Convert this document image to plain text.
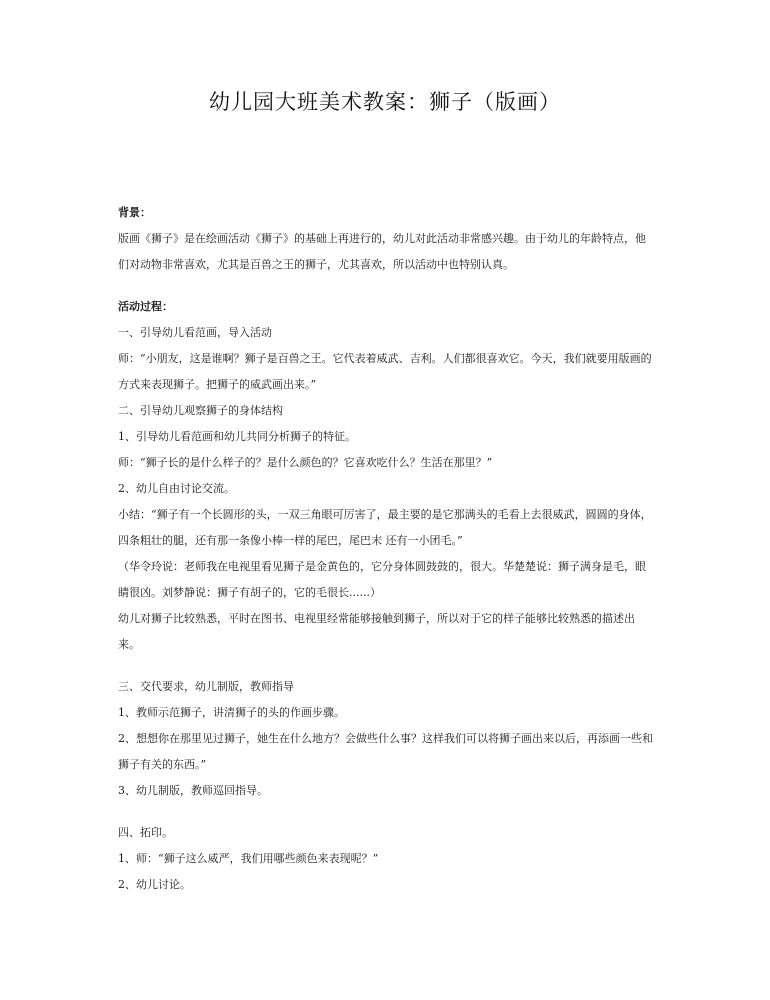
幼儿园大班美术教案：狮子（版画）

背景：

版画《狮子》是在绘画活动《狮子》的基础上再进行的，幼儿对此活动非常感兴趣。由于幼儿的年龄特点，他们对动物非常喜欢，尤其是百兽之王的狮子，尤其喜欢，所以活动中也特别认真。

活动过程：

一、引导幼儿看范画，导入活动

师：“小朋友，这是谁啊？狮子是百兽之王。它代表着威武、吉利。人们都很喜欢它。今天，我们就要用版画的方式来表现狮子。把狮子的威武画出来。”

二、引导幼儿观察狮子的身体结构

1、引导幼儿看范画和幼儿共同分析狮子的特征。

师：“狮子长的是什么样子的？是什么颜色的？它喜欢吃什么？生活在那里？”

2、幼儿自由讨论交流。

小结：“狮子有一个长圆形的头，一双三角眼可厉害了，最主要的是它那满头的毛看上去很威武，圆圆的身体，四条粗壮的腿，还有那一条像小棒一样的尾巴，尾巴末 还有一小团毛。”

（华令玲说：老师我在电视里看见狮子是金黄色的，它分身体圆鼓鼓的，很大。华楚楚说：狮子满身是毛，眼睛很凶。刘梦静说：狮子有胡子的，它的毛很长......）

幼儿对狮子比较熟悉，平时在图书、电视里经常能够接触到狮子，所以对于它的样子能够比较熟悉的描述出来。

三、交代要求，幼儿制版，教师指导

1、教师示范狮子，讲清狮子的头的作画步骤。

2、想想你在那里见过狮子，她生在什么地方？会做些什么事？这样我们可以将狮子画出来以后，再添画一些和狮子有关的东西。”

3、幼儿制版，教师巡回指导。

四、拓印。

1、师：“狮子这么威严，我们用哪些颜色来表现呢？”

2、幼儿讨论。
